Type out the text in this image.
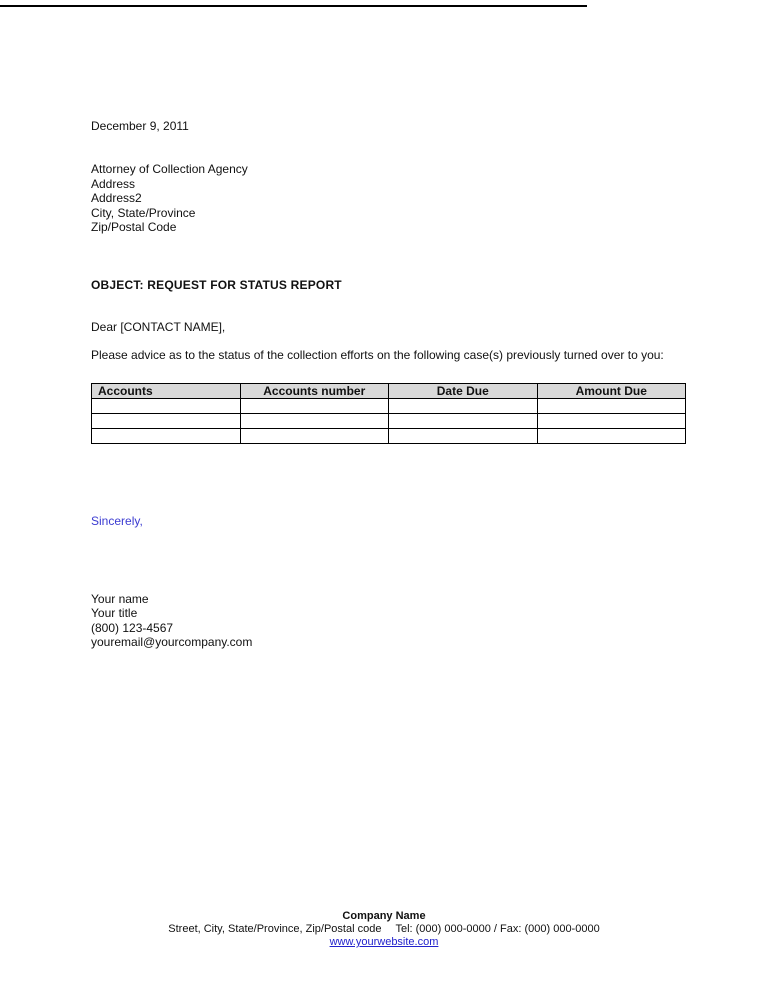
December 9, 2011
Attorney of Collection Agency
Address
Address2
City, State/Province
Zip/Postal Code
OBJECT: REQUEST FOR STATUS REPORT
Dear [CONTACT NAME],
Please advice as to the status of the collection efforts on the following case(s) previously turned over to you:
Accounts	Accounts number	Date Due	Amount Due

Sincerely,
Your name
Your title
(800) 123-4567
youremail@yourcompany.com
Company Name
Street, City, State/Province, Zip/Postal code Tel: (000) 000-0000 / Fax: (000) 000-0000
www.yourwebsite.com
